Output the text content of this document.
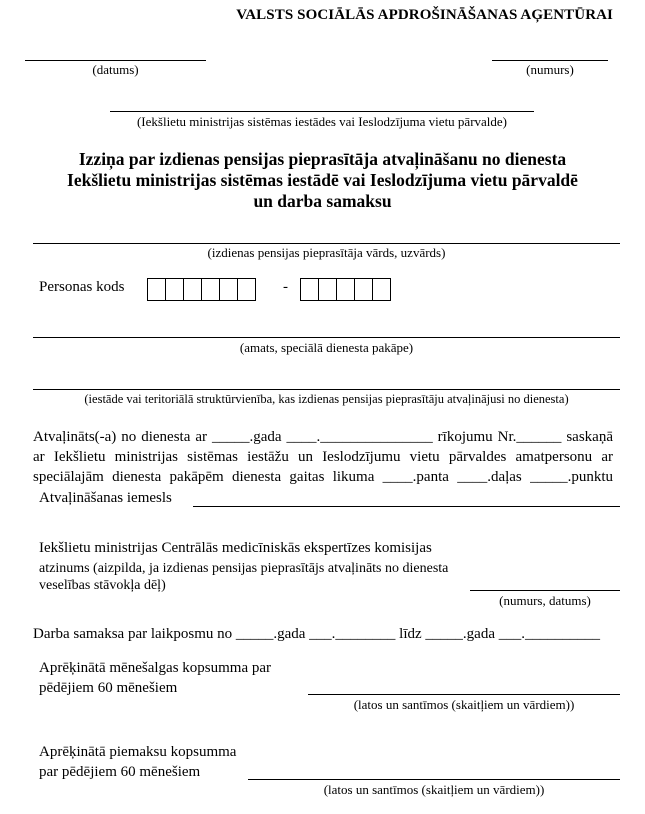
VALSTS SOCIĀLĀS APDROŠINĀŠANAS AĢENTŪRAI
(datums)	(numurs)
(Iekšlietu ministrijas sistēmas iestādes vai Ieslodzījuma vietu pārvalde)
Izziņa par izdienas pensijas pieprasītāja atvaļināšanu no dienesta
Iekšlietu ministrijas sistēmas iestādē vai Ieslodzījuma vietu pārvaldē
un darba samaksu
(izdienas pensijas pieprasītāja vārds, uzvārds)
Personas kods	-
(amats, speciālā dienesta pakāpe)
(iestāde vai teritoriālā struktūrvienība, kas izdienas pensijas pieprasītāju atvaļinājusi no dienesta)
Atvaļināts(-a) no dienesta ar _____.gada ____._______________ rīkojumu Nr.______ saskaņā
ar Iekšlietu ministrijas sistēmas iestāžu un Ieslodzījumu vietu pārvaldes amatpersonu ar
speciālajām dienesta pakāpēm dienesta gaitas likuma ____.panta ____.daļas _____.punktu
Atvaļināšanas iemesls
Iekšlietu ministrijas Centrālās medicīniskās ekspertīzes komisijas
atzinums (aizpilda, ja izdienas pensijas pieprasītājs atvaļināts no dienesta
veselības stāvokļa dēļ)
(numurs, datums)
Darba samaksa par laikposmu no _____.gada ___.________ līdz _____.gada ___.__________
Aprēķinātā mēnešalgas kopsumma par
pēdējiem 60 mēnešiem
(latos un santīmos (skaitļiem un vārdiem))
Aprēķinātā piemaksu kopsumma
par pēdējiem 60 mēnešiem
(latos un santīmos (skaitļiem un vārdiem))
